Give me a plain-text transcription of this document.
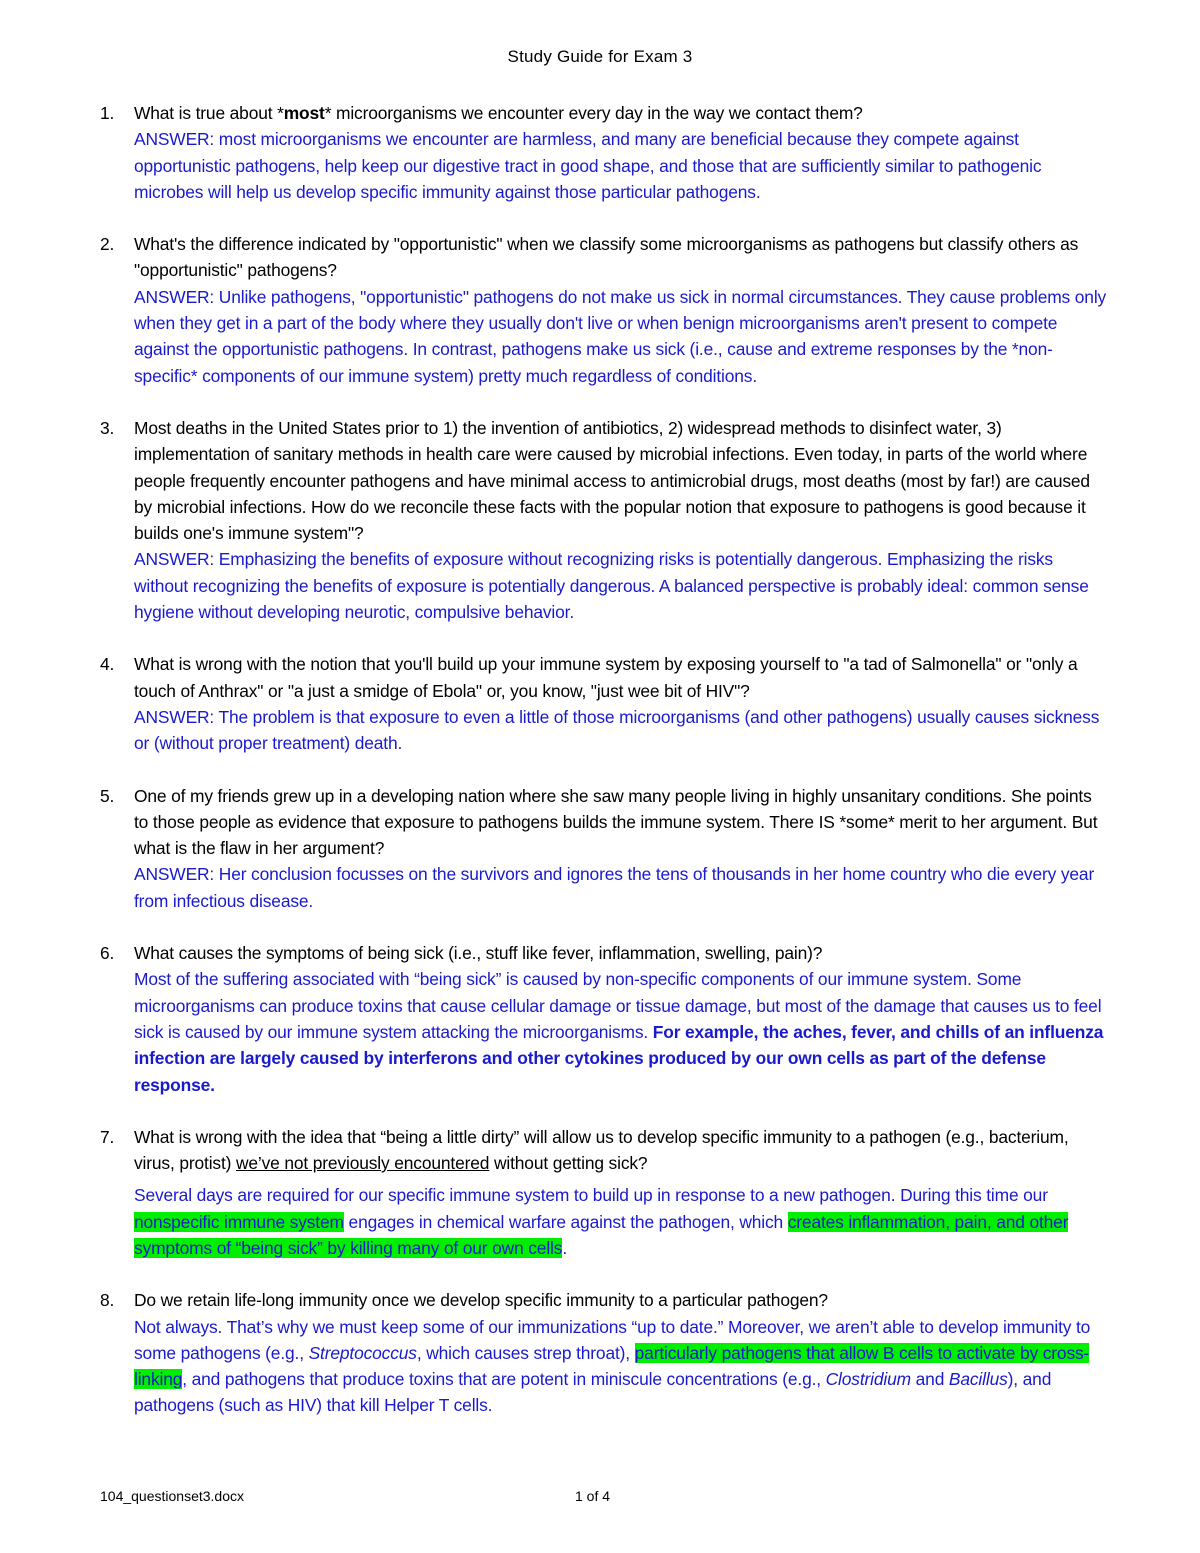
Study Guide for Exam 3
1. What is true about *most* microorganisms we encounter every day in the way we contact them?
ANSWER: most microorganisms we encounter are harmless, and many are beneficial because they compete against opportunistic pathogens, help keep our digestive tract in good shape, and those that are sufficiently similar to pathogenic microbes will help us develop specific immunity against those particular pathogens.
2. What's the difference indicated by "opportunistic" when we classify some microorganisms as pathogens but classify others as "opportunistic" pathogens?
ANSWER: Unlike pathogens, "opportunistic" pathogens do not make us sick in normal circumstances. They cause problems only when they get in a part of the body where they usually don't live or when benign microorganisms aren't present to compete against the opportunistic pathogens. In contrast, pathogens make us sick (i.e., cause and extreme responses by the *non-specific* components of our immune system) pretty much regardless of conditions.
3. Most deaths in the United States prior to 1) the invention of antibiotics, 2) widespread methods to disinfect water, 3) implementation of sanitary methods in health care were caused by microbial infections. Even today, in parts of the world where people frequently encounter pathogens and have minimal access to antimicrobial drugs, most deaths (most by far!) are caused by microbial infections. How do we reconcile these facts with the popular notion that exposure to pathogens is good because it builds one's immune system"?
ANSWER: Emphasizing the benefits of exposure without recognizing risks is potentially dangerous. Emphasizing the risks without recognizing the benefits of exposure is potentially dangerous. A balanced perspective is probably ideal: common sense hygiene without developing neurotic, compulsive behavior.
4. What is wrong with the notion that you'll build up your immune system by exposing yourself to "a tad of Salmonella" or "only a touch of Anthrax" or "a just a smidge of Ebola" or, you know, "just wee bit of HIV"?
ANSWER: The problem is that exposure to even a little of those microorganisms (and other pathogens) usually causes sickness or (without proper treatment) death.
5. One of my friends grew up in a developing nation where she saw many people living in highly unsanitary conditions. She points to those people as evidence that exposure to pathogens builds the immune system. There IS *some* merit to her argument. But what is the flaw in her argument?
ANSWER: Her conclusion focusses on the survivors and ignores the tens of thousands in her home country who die every year from infectious disease.
6. What causes the symptoms of being sick (i.e., stuff like fever, inflammation, swelling, pain)?
Most of the suffering associated with “being sick” is caused by non-specific components of our immune system. Some microorganisms can produce toxins that cause cellular damage or tissue damage, but most of the damage that causes us to feel sick is caused by our immune system attacking the microorganisms. For example, the aches, fever, and chills of an influenza infection are largely caused by interferons and other cytokines produced by our own cells as part of the defense response.
7. What is wrong with the idea that “being a little dirty” will allow us to develop specific immunity to a pathogen (e.g., bacterium, virus, protist) we’ve not previously encountered without getting sick?
Several days are required for our specific immune system to build up in response to a new pathogen. During this time our nonspecific immune system engages in chemical warfare against the pathogen, which creates inflammation, pain, and other symptoms of “being sick” by killing many of our own cells.
8. Do we retain life-long immunity once we develop specific immunity to a particular pathogen?
Not always. That’s why we must keep some of our immunizations “up to date.” Moreover, we aren’t able to develop immunity to some pathogens (e.g., Streptococcus, which causes strep throat), particularly pathogens that allow B cells to activate by cross-linking, and pathogens that produce toxins that are potent in miniscule concentrations (e.g., Clostridium and Bacillus), and pathogens (such as HIV) that kill Helper T cells.
104_questionset3.docx	1 of 4
